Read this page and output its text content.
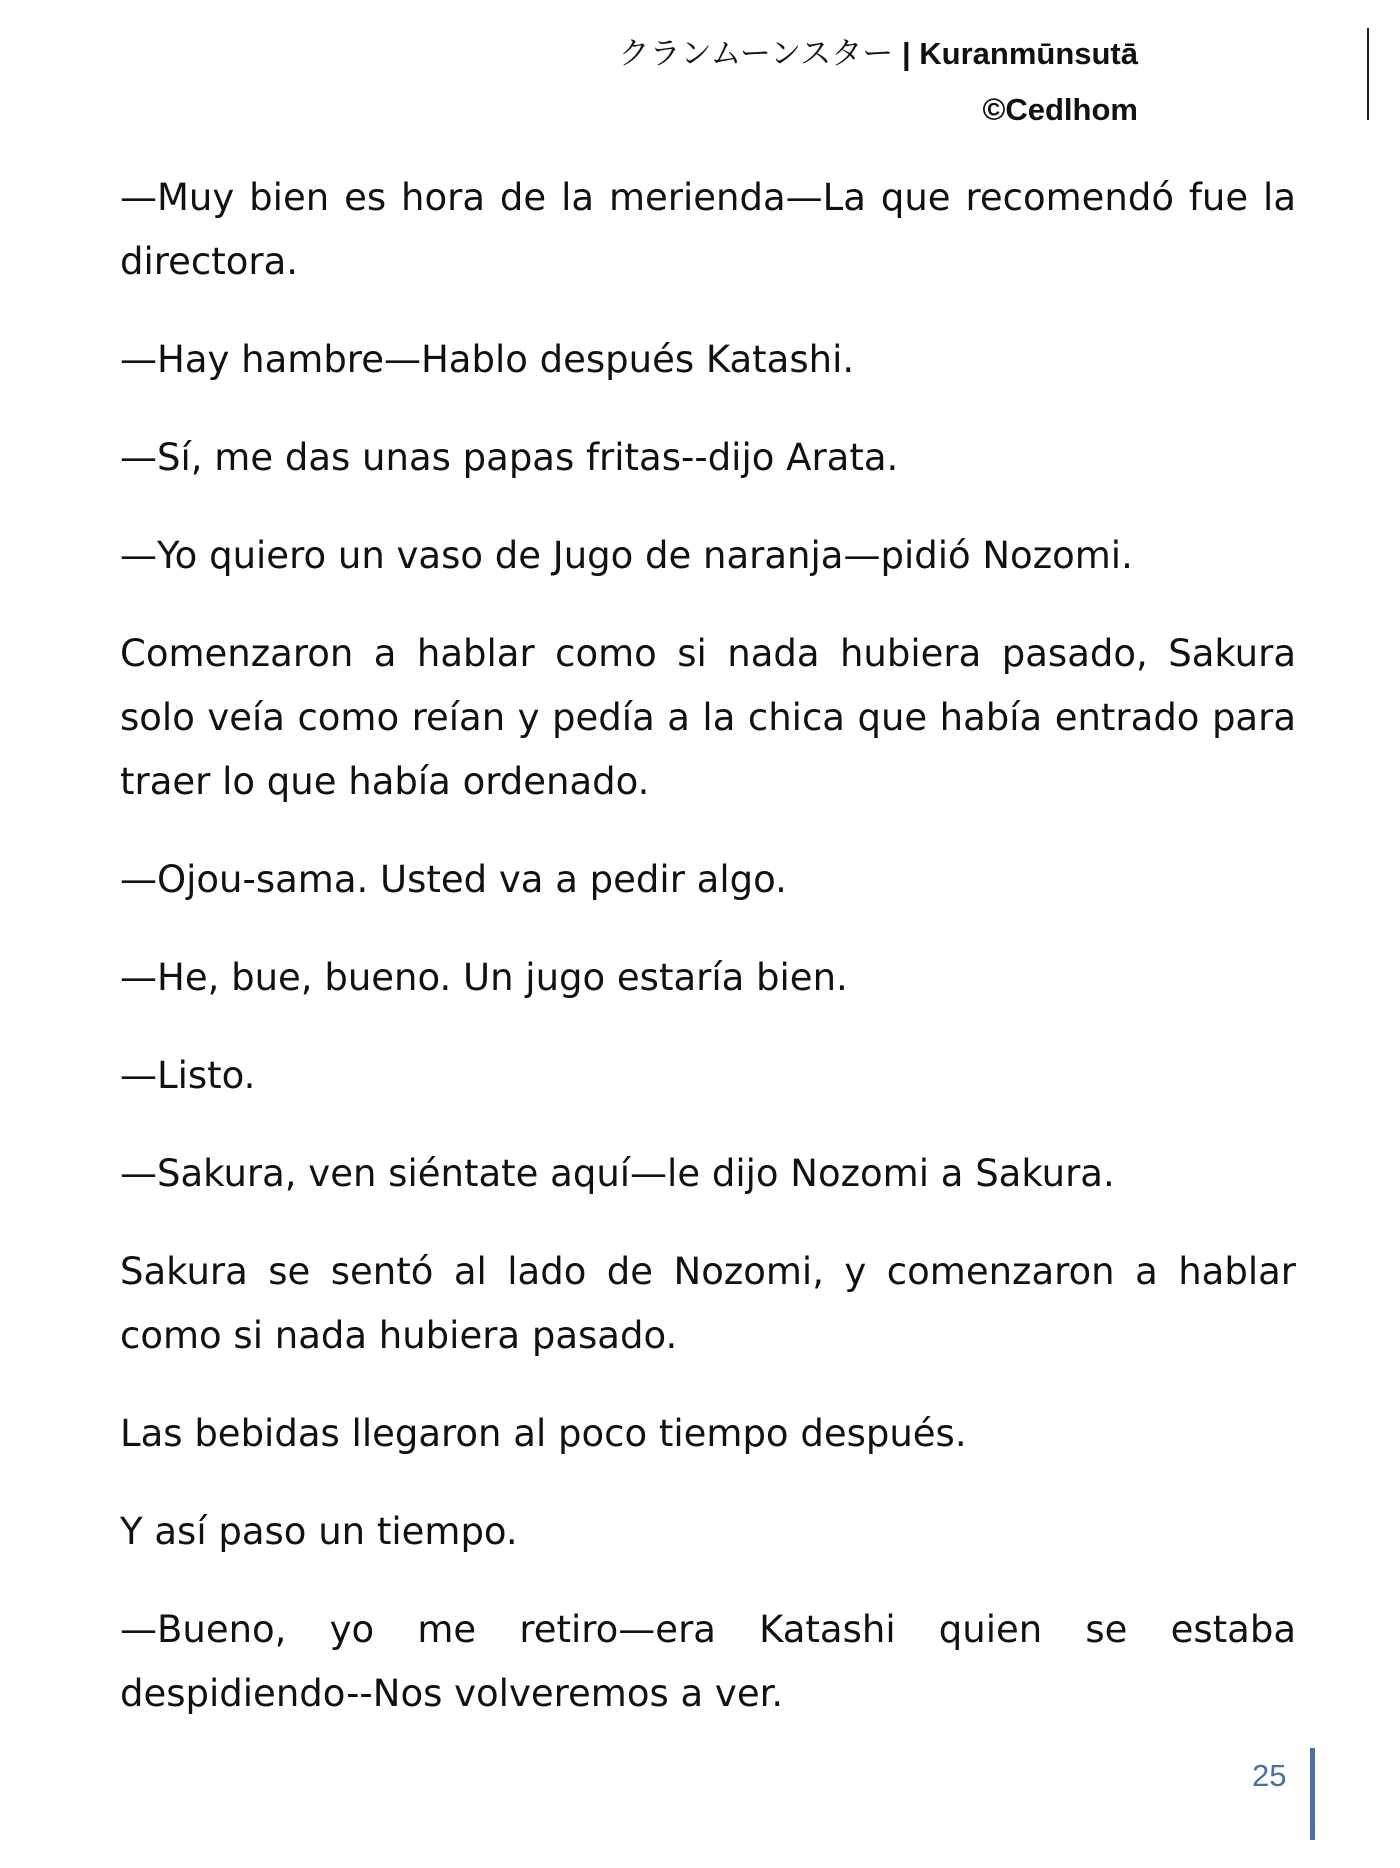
クランムーンスター | Kuranmūnsutā
©Cedlhom

—Muy bien es hora de la merienda—La que recomendó fue la directora.

—Hay hambre—Hablo después Katashi.

—Sí, me das unas papas fritas--dijo Arata.

—Yo quiero un vaso de Jugo de naranja—pidió Nozomi.

Comenzaron a hablar como si nada hubiera pasado, Sakura solo veía como reían y pedía a la chica que había entrado para traer lo que había ordenado.

—Ojou-sama. Usted va a pedir algo.

—He, bue, bueno. Un jugo estaría bien.

—Listo.

—Sakura, ven siéntate aquí—le dijo Nozomi a Sakura.

Sakura se sentó al lado de Nozomi, y comenzaron a hablar como si nada hubiera pasado.

Las bebidas llegaron al poco tiempo después.

Y así paso un tiempo.

—Bueno, yo me retiro—era Katashi quien se estaba despidiendo--Nos volveremos a ver.

25
